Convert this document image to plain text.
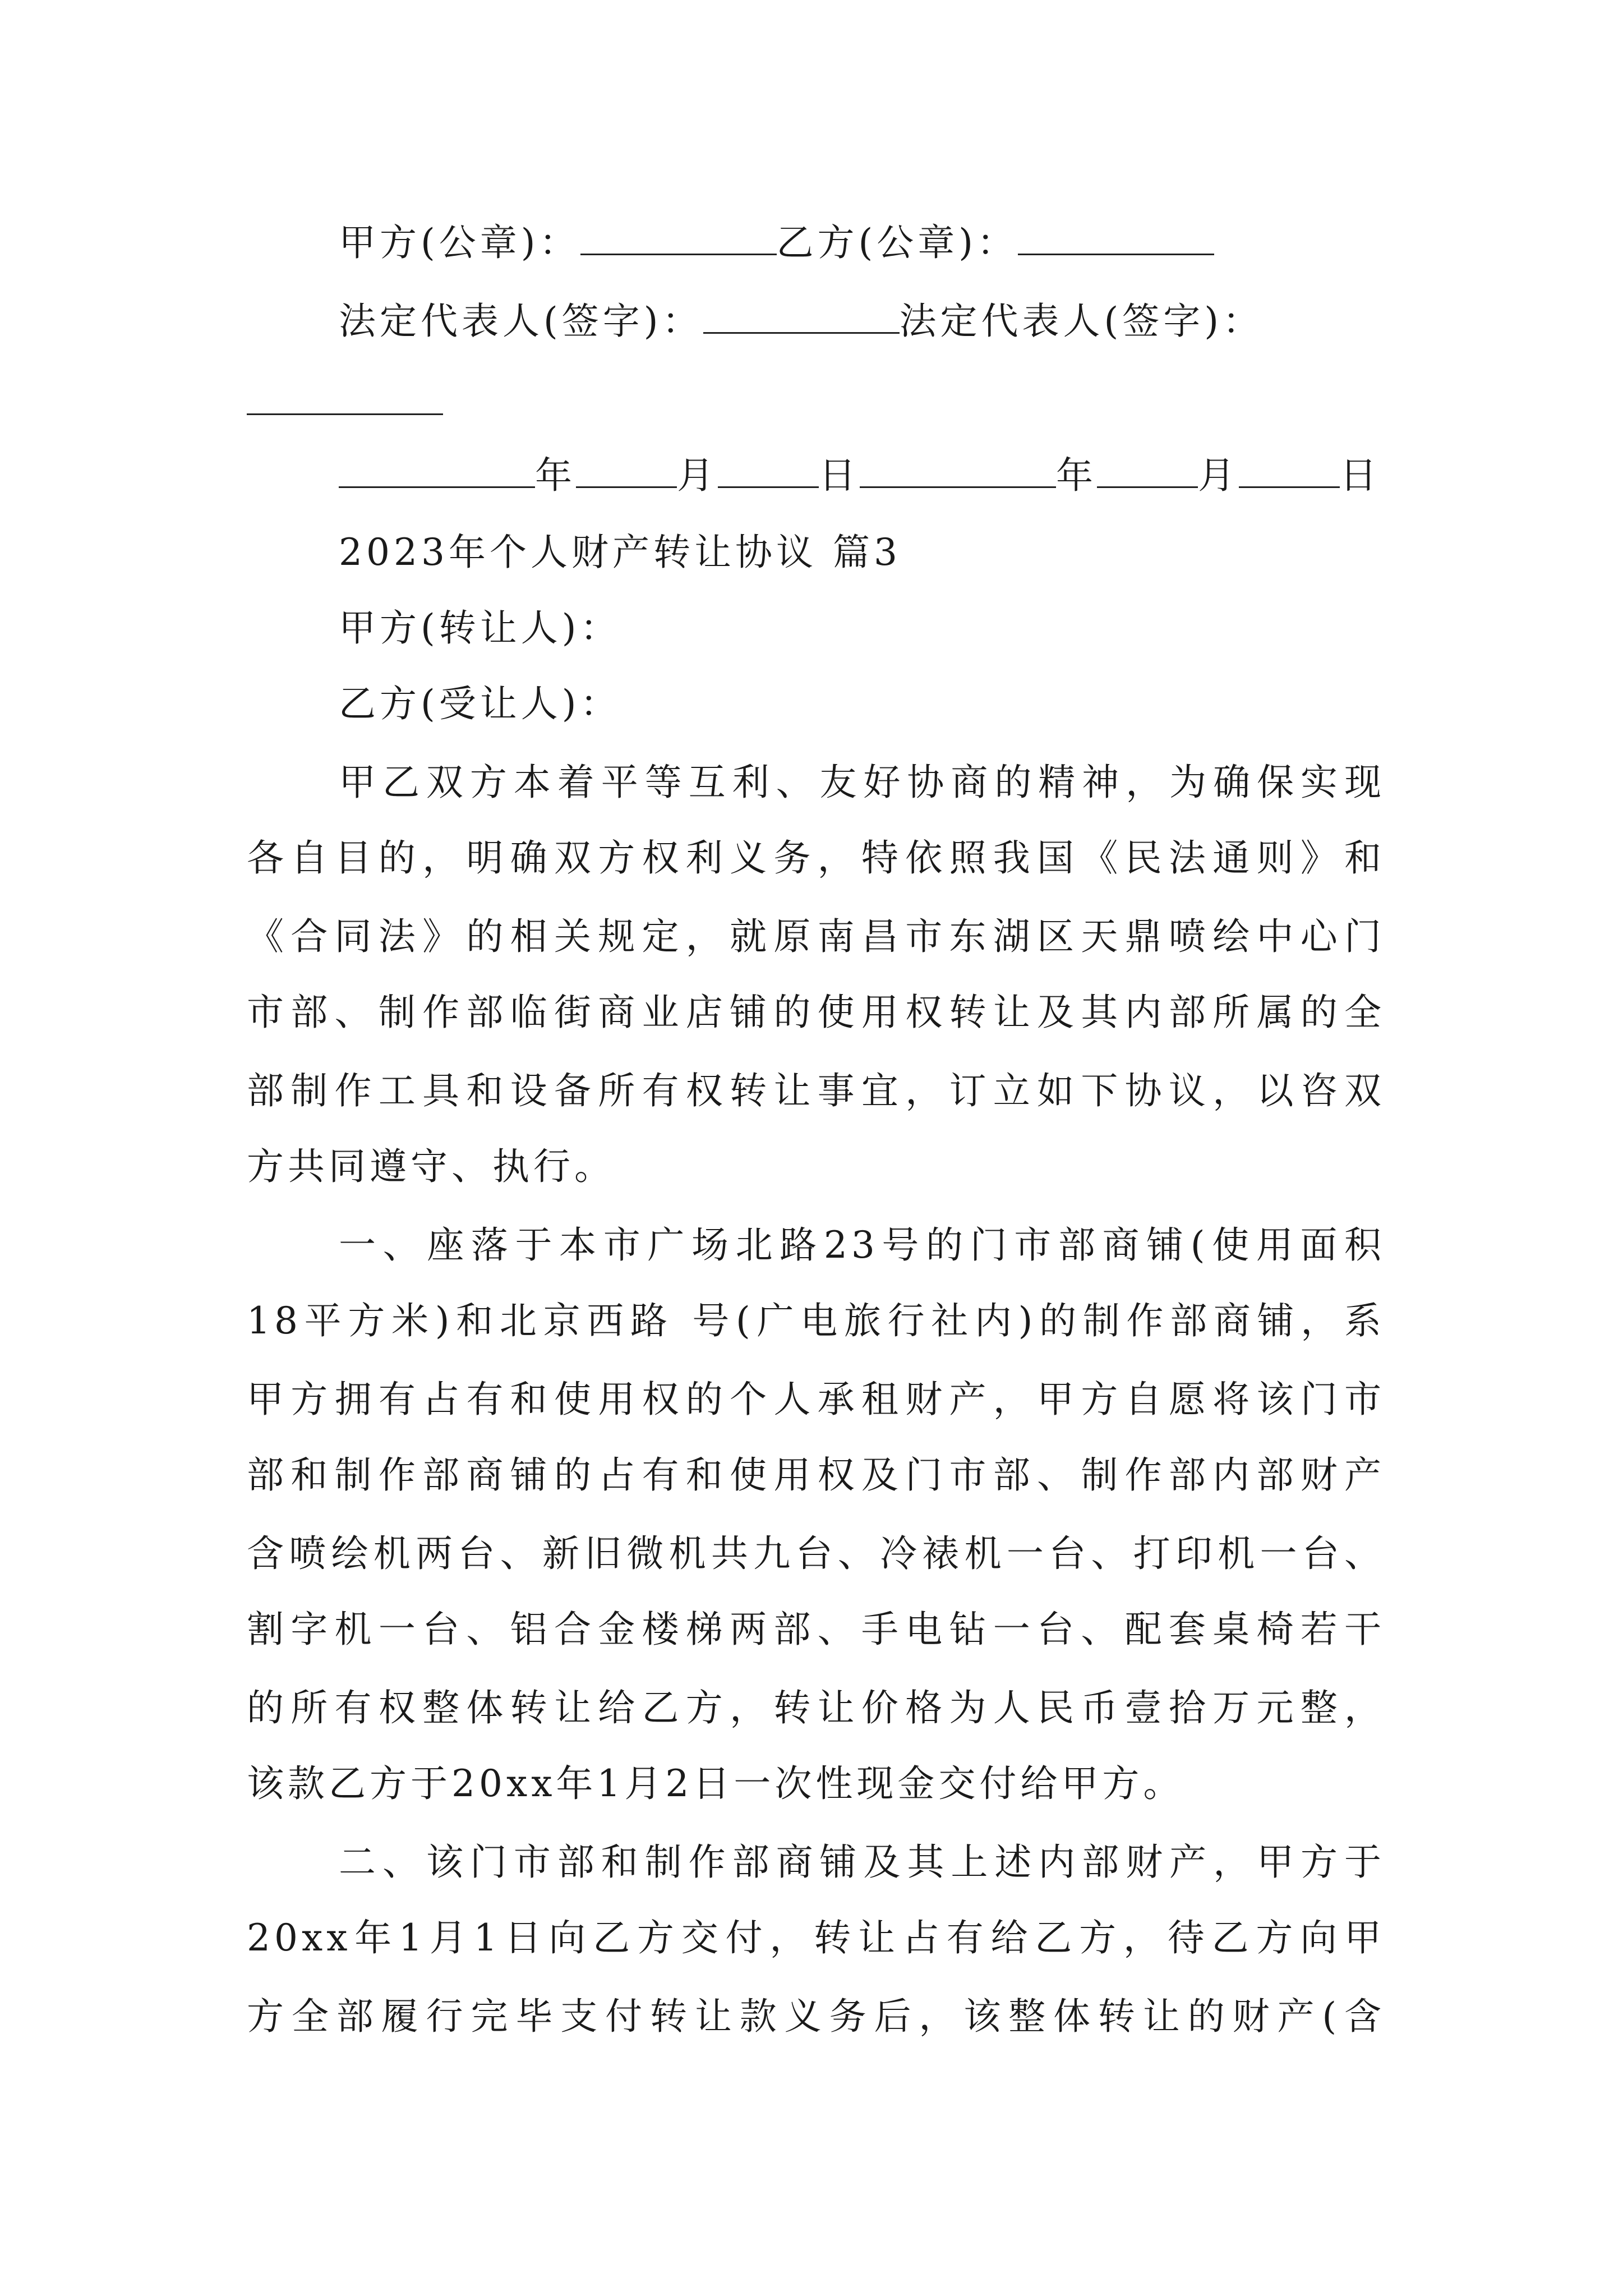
甲方(公章)：	乙方(公章)：
法定代表人(签字)：	法定代表人(签字)：
年	月	日	年	月	日
2023年个人财产转让协议 篇3
甲方(转让人)：
乙方(受让人)：
甲乙双方本着平等互利、友好协商的精神，为确保实现
各自目的，明确双方权利义务，特依照我国《民法通则》和
《合同法》的相关规定，就原南昌市东湖区天鼎喷绘中心门
市部、制作部临街商业店铺的使用权转让及其内部所属的全
部制作工具和设备所有权转让事宜，订立如下协议，以咨双
方共同遵守、执行。
一、座落于本市广场北路23号的门市部商铺(使用面积
18平方米)和北京西路 号(广电旅行社内)的制作部商铺，系
甲方拥有占有和使用权的个人承租财产，甲方自愿将该门市
部和制作部商铺的占有和使用权及门市部、制作部内部财产
含喷绘机两台、新旧微机共九台、冷裱机一台、打印机一台、
割字机一台、铝合金楼梯两部、手电钻一台、配套桌椅若干
的所有权整体转让给乙方，转让价格为人民币壹拾万元整，
该款乙方于20xx年1月2日一次性现金交付给甲方。
二、该门市部和制作部商铺及其上述内部财产，甲方于
20xx年1月1日向乙方交付，转让占有给乙方，待乙方向甲
方全部履行完毕支付转让款义务后，该整体转让的财产(含
